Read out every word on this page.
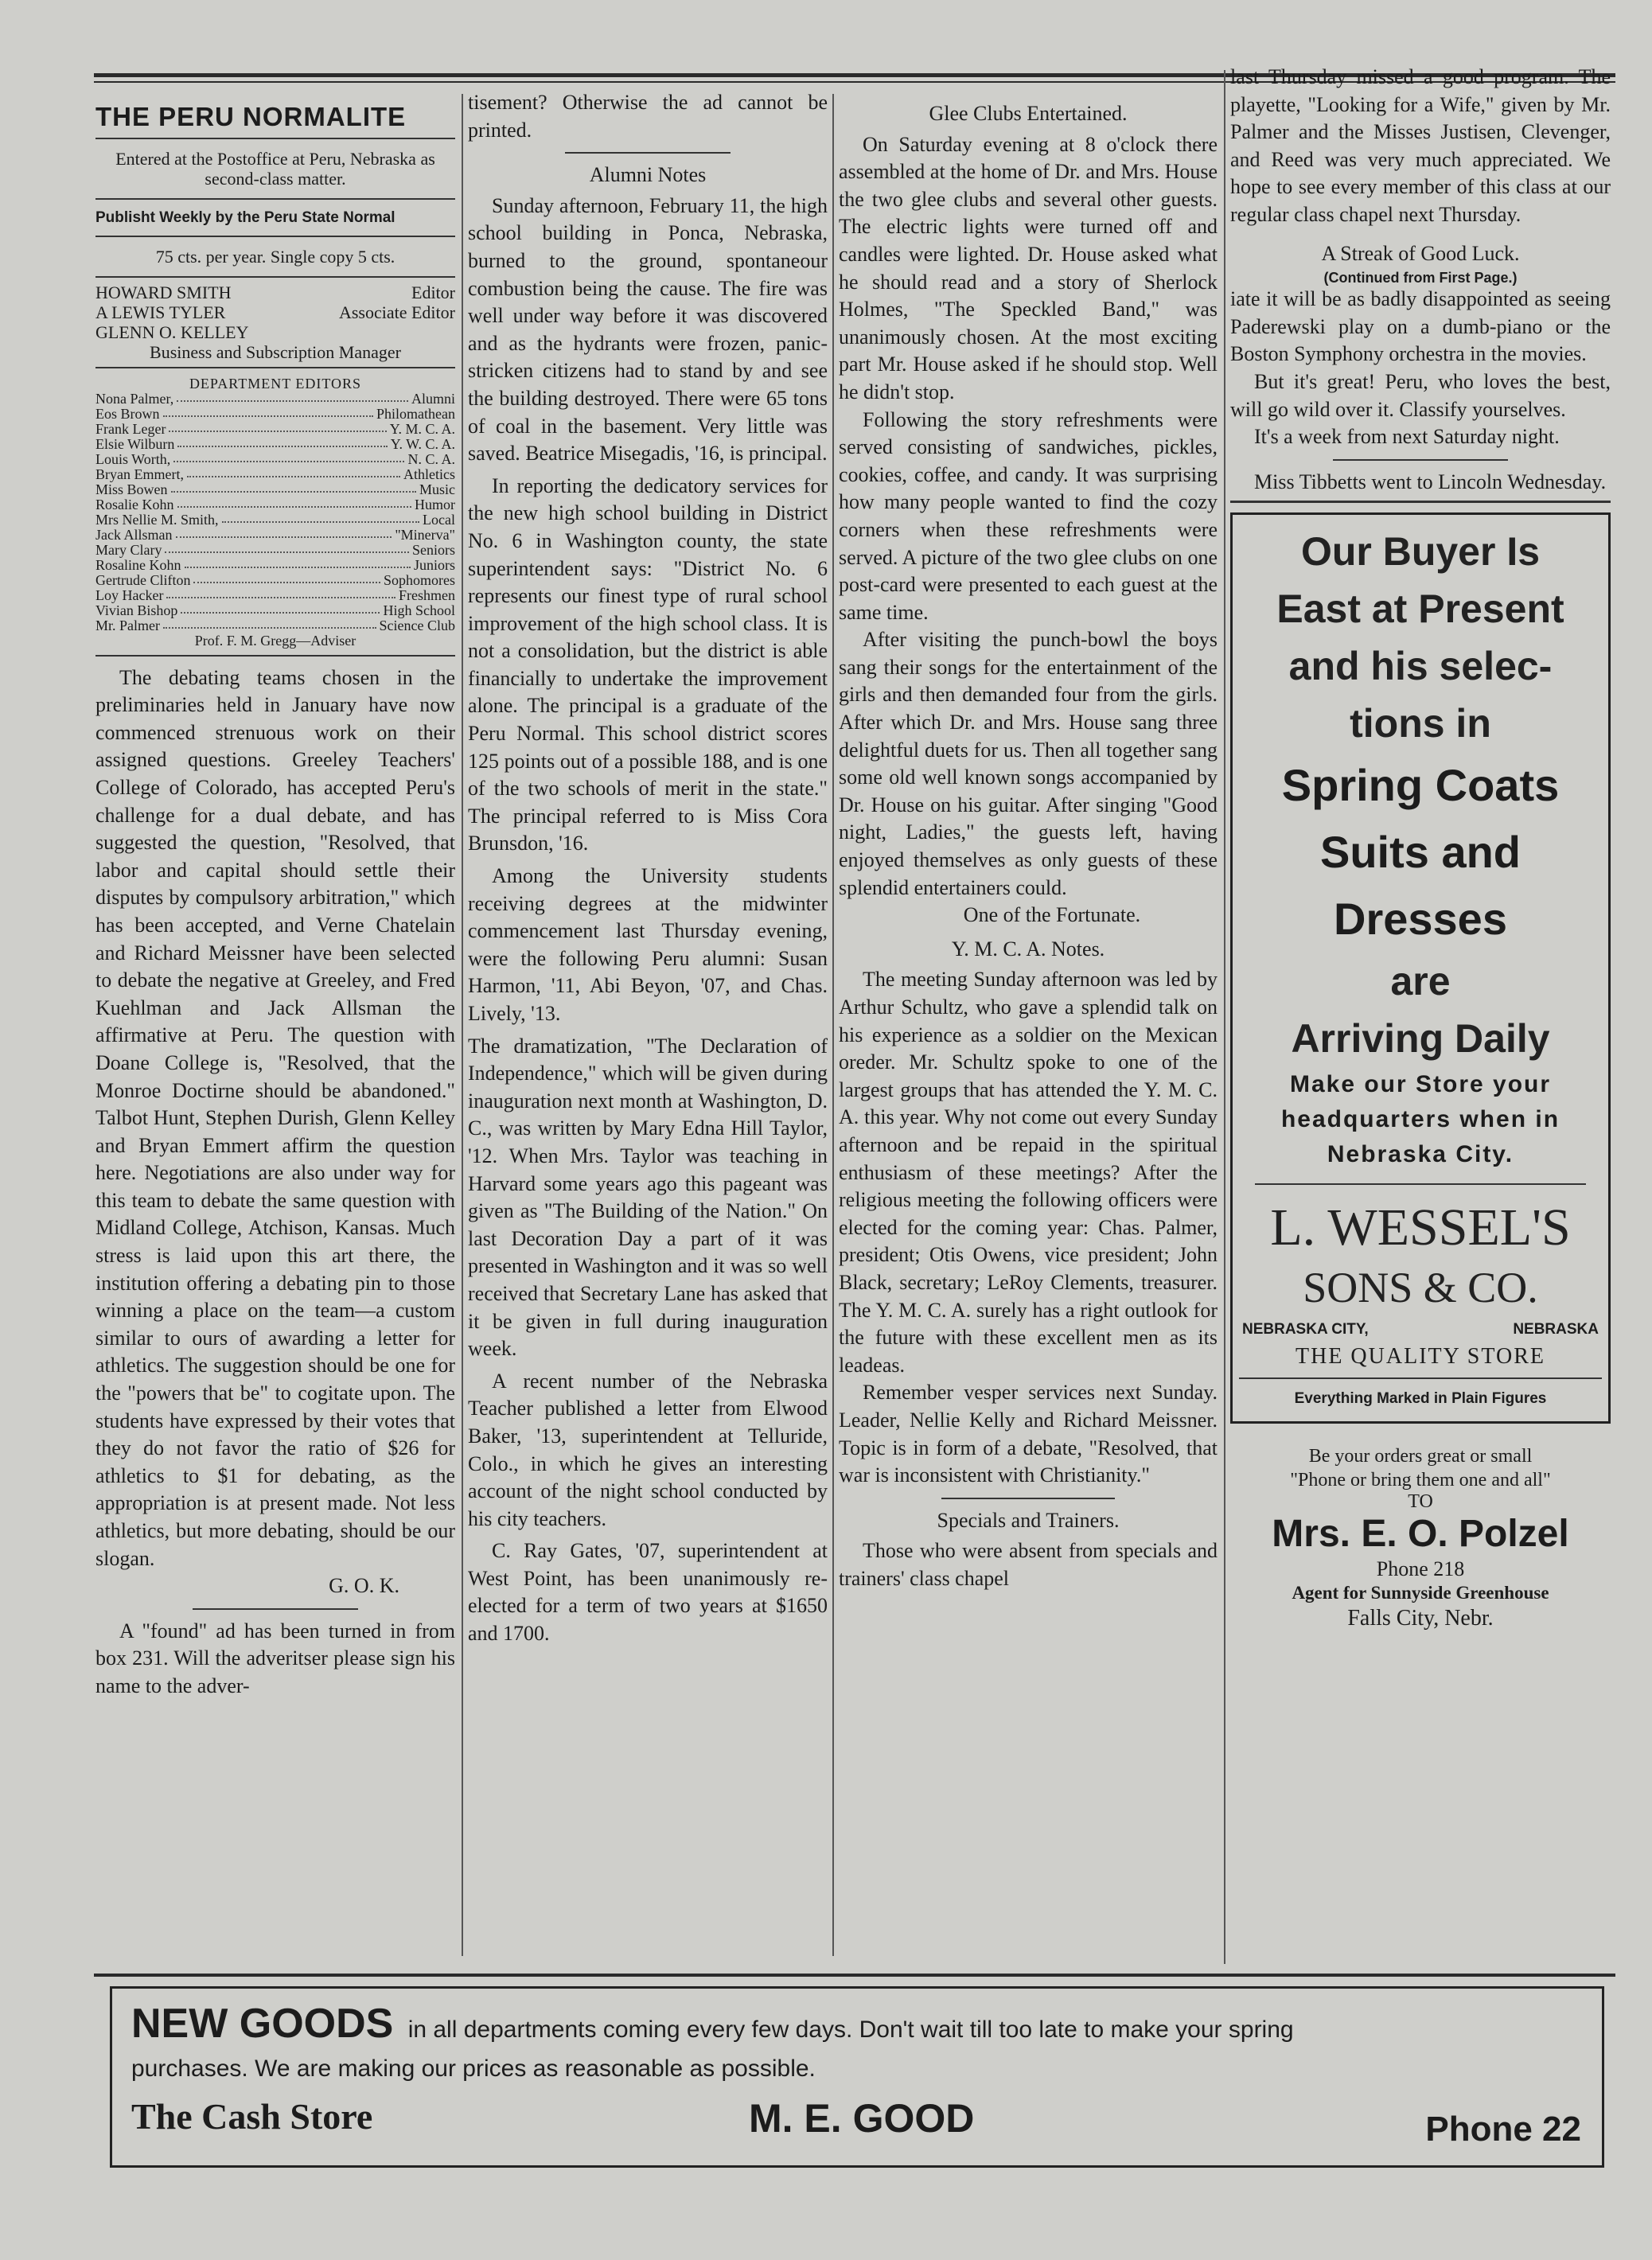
THE PERU NORMALITE
Entered at the Postoffice at Peru, Nebraska as second-class matter.
Publisht Weekly by the Peru State Normal
75 cts. per year. Single copy 5 cts.
HOWARD SMITH	Editor
A LEWIS TYLER	Associate Editor
GLENN O. KELLEY
Business and Subscription Manager
DEPARTMENT EDITORS
Nona Palmer,	Alumni
Eos Brown	Philomathean
Frank Leger	Y. M. C. A.
Elsie Wilburn	Y. W. C. A.
Louis Worth,	N. C. A.
Bryan Emmert,	Athletics
Miss Bowen	Music
Rosalie Kohn	Humor
Mrs Nellie M. Smith,	Local
Jack Allsman	"Minerva"
Mary Clary	Seniors
Rosaline Kohn	Juniors
Gertrude Clifton	Sophomores
Loy Hacker	Freshmen
Vivian Bishop	High School
Mr. Palmer	Science Club
Prof. F. M. Gregg—Adviser

The debating teams chosen in the preliminaries held in January have now commenced strenuous work on their assigned questions. Greeley Teachers' College of Colorado, has accepted Peru's challenge for a dual debate, and has suggested the question, "Resolved, that labor and capital should settle their disputes by compulsory arbitration," which has been accepted, and Verne Chatelain and Richard Meissner have been selected to debate the negative at Greeley, and Fred Kuehlman and Jack Allsman the affirmative at Peru. The question with Doane College is, "Resolved, that the Monroe Doctirne should be abandoned." Talbot Hunt, Stephen Durish, Glenn Kelley and Bryan Emmert affirm the question here. Negotiations are also under way for this team to debate the same question with Midland College, Atchison, Kansas. Much stress is laid upon this art there, the institution offering a debating pin to those winning a place on the team—a custom similar to ours of awarding a letter for athletics. The suggestion should be one for the "powers that be" to cogitate upon. The students have expressed by their votes that they do not favor the ratio of $26 for athletics to $1 for debating, as the appropriation is at present made. Not less athletics, but more debating, should be our slogan.

G. O. K.

A "found" ad has been turned in from box 231. Will the adveritser please sign his name to the adver-

tisement? Otherwise the ad cannot be printed.

Alumni Notes

Sunday afternoon, February 11, the high school building in Ponca, Nebraska, burned to the ground, spontaneour combustion being the cause. The fire was well under way before it was discovered and as the hydrants were frozen, panic-stricken citizens had to stand by and see the building destroyed. There were 65 tons of coal in the basement. Very little was saved. Beatrice Misegadis, '16, is principal.

In reporting the dedicatory services for the new high school building in District No. 6 in Washington county, the state superintendent says: "District No. 6 represents our finest type of rural school improvement of the high school class. It is not a consolidation, but the district is able financially to undertake the improvement alone. The principal is a graduate of the Peru Normal. This school district scores 125 points out of a possible 188, and is one of the two schools of merit in the state." The principal referred to is Miss Cora Brunsdon, '16.

Among the University students receiving degrees at the midwinter commencement last Thursday evening, were the following Peru alumni: Susan Harmon, '11, Abi Beyon, '07, and Chas. Lively, '13.

The dramatization, "The Declaration of Independence," which will be given during inauguration next month at Washington, D. C., was written by Mary Edna Hill Taylor, '12. When Mrs. Taylor was teaching in Harvard some years ago this pageant was given as "The Building of the Nation." On last Decoration Day a part of it was presented in Washington and it was so well received that Secretary Lane has asked that it be given in full during inauguration week.

A recent number of the Nebraska Teacher published a letter from Elwood Baker, '13, superintendent at Telluride, Colo., in which he gives an interesting account of the night school conducted by his city teachers.

C. Ray Gates, '07, superintendent at West Point, has been unanimously re-elected for a term of two years at $1650 and 1700.

Glee Clubs Entertained.

On Saturday evening at 8 o'clock there assembled at the home of Dr. and Mrs. House the two glee clubs and several other guests. The electric lights were turned off and candles were lighted. Dr. House asked what he should read and a story of Sherlock Holmes, "The Speckled Band," was unanimously chosen. At the most exciting part Mr. House asked if he should stop. Well he didn't stop.

Following the story refreshments were served consisting of sandwiches, pickles, cookies, coffee, and candy. It was surprising how many people wanted to find the cozy corners when these refreshments were served. A picture of the two glee clubs on one post-card were presented to each guest at the same time.

After visiting the punch-bowl the boys sang their songs for the entertainment of the girls and then demanded four from the girls. After which Dr. and Mrs. House sang three delightful duets for us. Then all together sang some old well known songs accompanied by Dr. House on his guitar. After singing "Good night, Ladies," the guests left, having enjoyed themselves as only guests of these splendid entertainers could.

One of the Fortunate.
Y. M. C. A. Notes.

The meeting Sunday afternoon was led by Arthur Schultz, who gave a splendid talk on his experience as a soldier on the Mexican oreder. Mr. Schultz spoke to one of the largest groups that has attended the Y. M. C. A. this year. Why not come out every Sunday afternoon and be repaid in the spiritual enthusiasm of these meetings? After the religious meeting the following officers were elected for the coming year: Chas. Palmer, president; Otis Owens, vice president; John Black, secretary; LeRoy Clements, treasurer. The Y. M. C. A. surely has a right outlook for the future with these excellent men as its leadeas.

Remember vesper services next Sunday. Leader, Nellie Kelly and Richard Meissner. Topic is in form of a debate, "Resolved, that war is inconsistent with Christianity."

Specials and Trainers.

Those who were absent from specials and trainers' class chapel

last Thursday missed a good program. The playette, "Looking for a Wife," given by Mr. Palmer and the Misses Justisen, Clevenger, and Reed was very much appreciated. We hope to see every member of this class at our regular class chapel next Thursday.

A Streak of Good Luck.
(Continued from First Page.)

iate it will be as badly disappointed as seeing Paderewski play on a dumb-piano or the Boston Symphony orchestra in the movies.

But it's great! Peru, who loves the best, will go wild over it. Classify yourselves.

It's a week from next Saturday night.

Miss Tibbetts went to Lincoln Wednesday.

Our Buyer Is
East at Present
and his selec-
tions in
Spring Coats
Suits and
Dresses
are
Arriving Daily
Make our Store your
headquarters when in
Nebraska City.
L. WESSEL'S
SONS & CO.
NEBRASKA CITY,	NEBRASKA
THE QUALITY STORE
Everything Marked in Plain Figures
Be your orders great or small
"Phone or bring them one and all"
TO
Mrs. E. O. Polzel
Phone 218
Agent for Sunnyside Greenhouse
Falls City, Nebr.
NEW GOODS in all departments coming every few days. Don't wait till too late to make your spring
purchases. We are making our prices as reasonable as possible.
The Cash Store	M. E. GOOD	Phone 22
